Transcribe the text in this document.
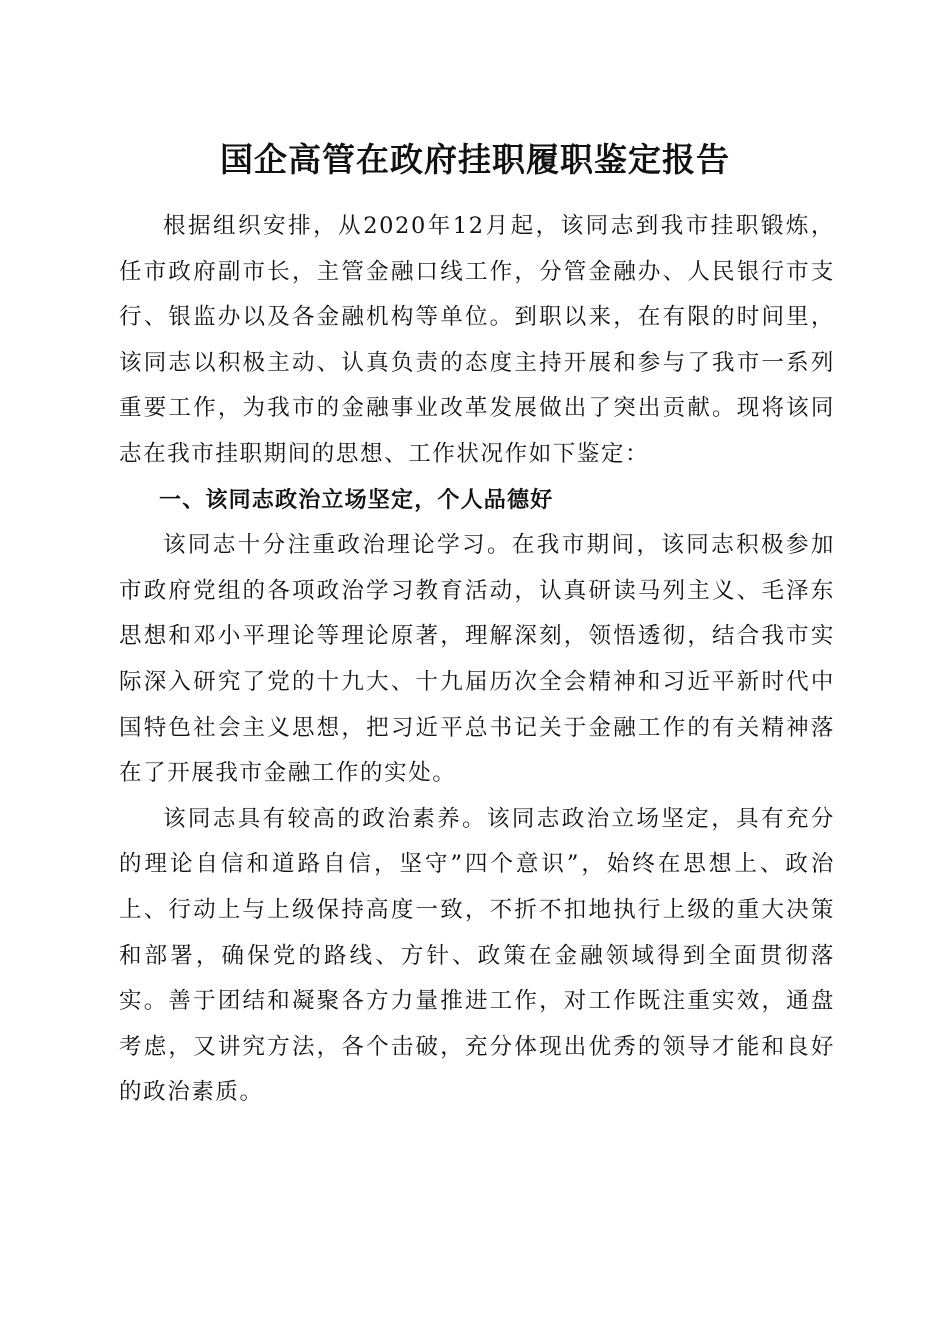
国企高管在政府挂职履职鉴定报告

根据组织安排，从2020年12月起，该同志到我市挂职锻炼，任市政府副市长，主管金融口线工作，分管金融办、人民银行市支行、银监办以及各金融机构等单位。到职以来，在有限的时间里，该同志以积极主动、认真负责的态度主持开展和参与了我市一系列重要工作，为我市的金融事业改革发展做出了突出贡献。现将该同志在我市挂职期间的思想、工作状况作如下鉴定：

一、该同志政治立场坚定，个人品德好

该同志十分注重政治理论学习。在我市期间，该同志积极参加市政府党组的各项政治学习教育活动，认真研读马列主义、毛泽东思想和邓小平理论等理论原著，理解深刻，领悟透彻，结合我市实际深入研究了党的十九大、十九届历次全会精神和习近平新时代中国特色社会主义思想，把习近平总书记关于金融工作的有关精神落在了开展我市金融工作的实处。

该同志具有较高的政治素养。该同志政治立场坚定，具有充分的理论自信和道路自信，坚守”四个意识”，始终在思想上、政治上、行动上与上级保持高度一致，不折不扣地执行上级的重大决策和部署，确保党的路线、方针、政策在金融领域得到全面贯彻落实。善于团结和凝聚各方力量推进工作，对工作既注重实效，通盘考虑，又讲究方法，各个击破，充分体现出优秀的领导才能和良好的政治素质。
